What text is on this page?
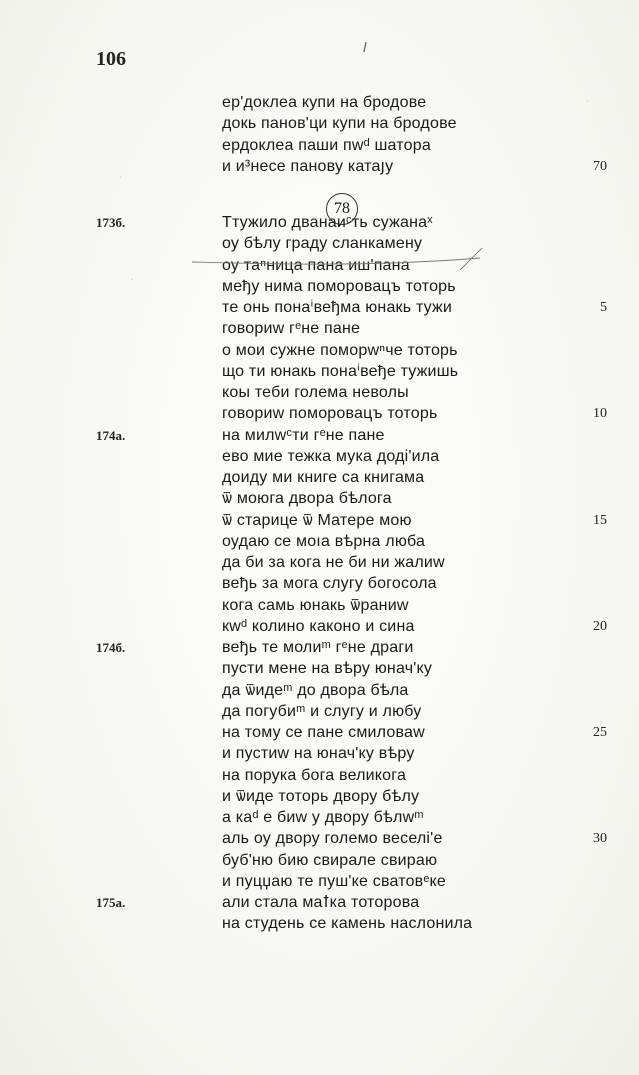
·
·
·
106
78
ер'доклеа купи на бродове
докь панов'ци купи на бродове
ердоклеа паши пwᵈ шатора
и и³несе панову катаյу	70
Ттужило дванаиᶜть сужанаˣ
173б.
оу бѣлу граду сланкамену
оу таⁿница пана иш'пана
међу нима поморовацъ тоторь
те онь понаⁱвеђма юнакь тужи	5
говориw гᵉне пане
о мои сужне поморwⁿче тоторь
що ти юнакь понаⁱвеђе тужишь
коы теби голема неволы
говориw поморовацъ тоторь	10
на милwᶜти гᵉне пане
174а.
ево мие тежка мука доді'ила
доиду ми книге са книгама
ѿ моюга двора бѣлога
ѿ старице ѿ Матере мою	15
оудаю се моıа вѣрна люба
да би за кога не би ни жалиw
веђь за мога слугу богосола
кога самь юнакь ѿраниw
кwᵈ колино каконо и сина	20
веђь те молиᵐ гᵉне драги
174б.
пусти мене на вѣру юнач'ку
да ѿидеᵐ до двора бѣла
да погубиᵐ и слугу и любу
на тому се пане смиловаw	25
и пустиw на юнач'ку вѣру
на порука бога великога
и ѿиде тоторь двору бѣлу
а каᵈ е биw у двору бѣлwᵐ
аль оу двору големо веселі'е	30
буб'ню бию свирале свираю
и пуцџаю те пуш'ке сватовᵉке
али стала маꝉка тоторова
175а.
на студень се камень наслонила
